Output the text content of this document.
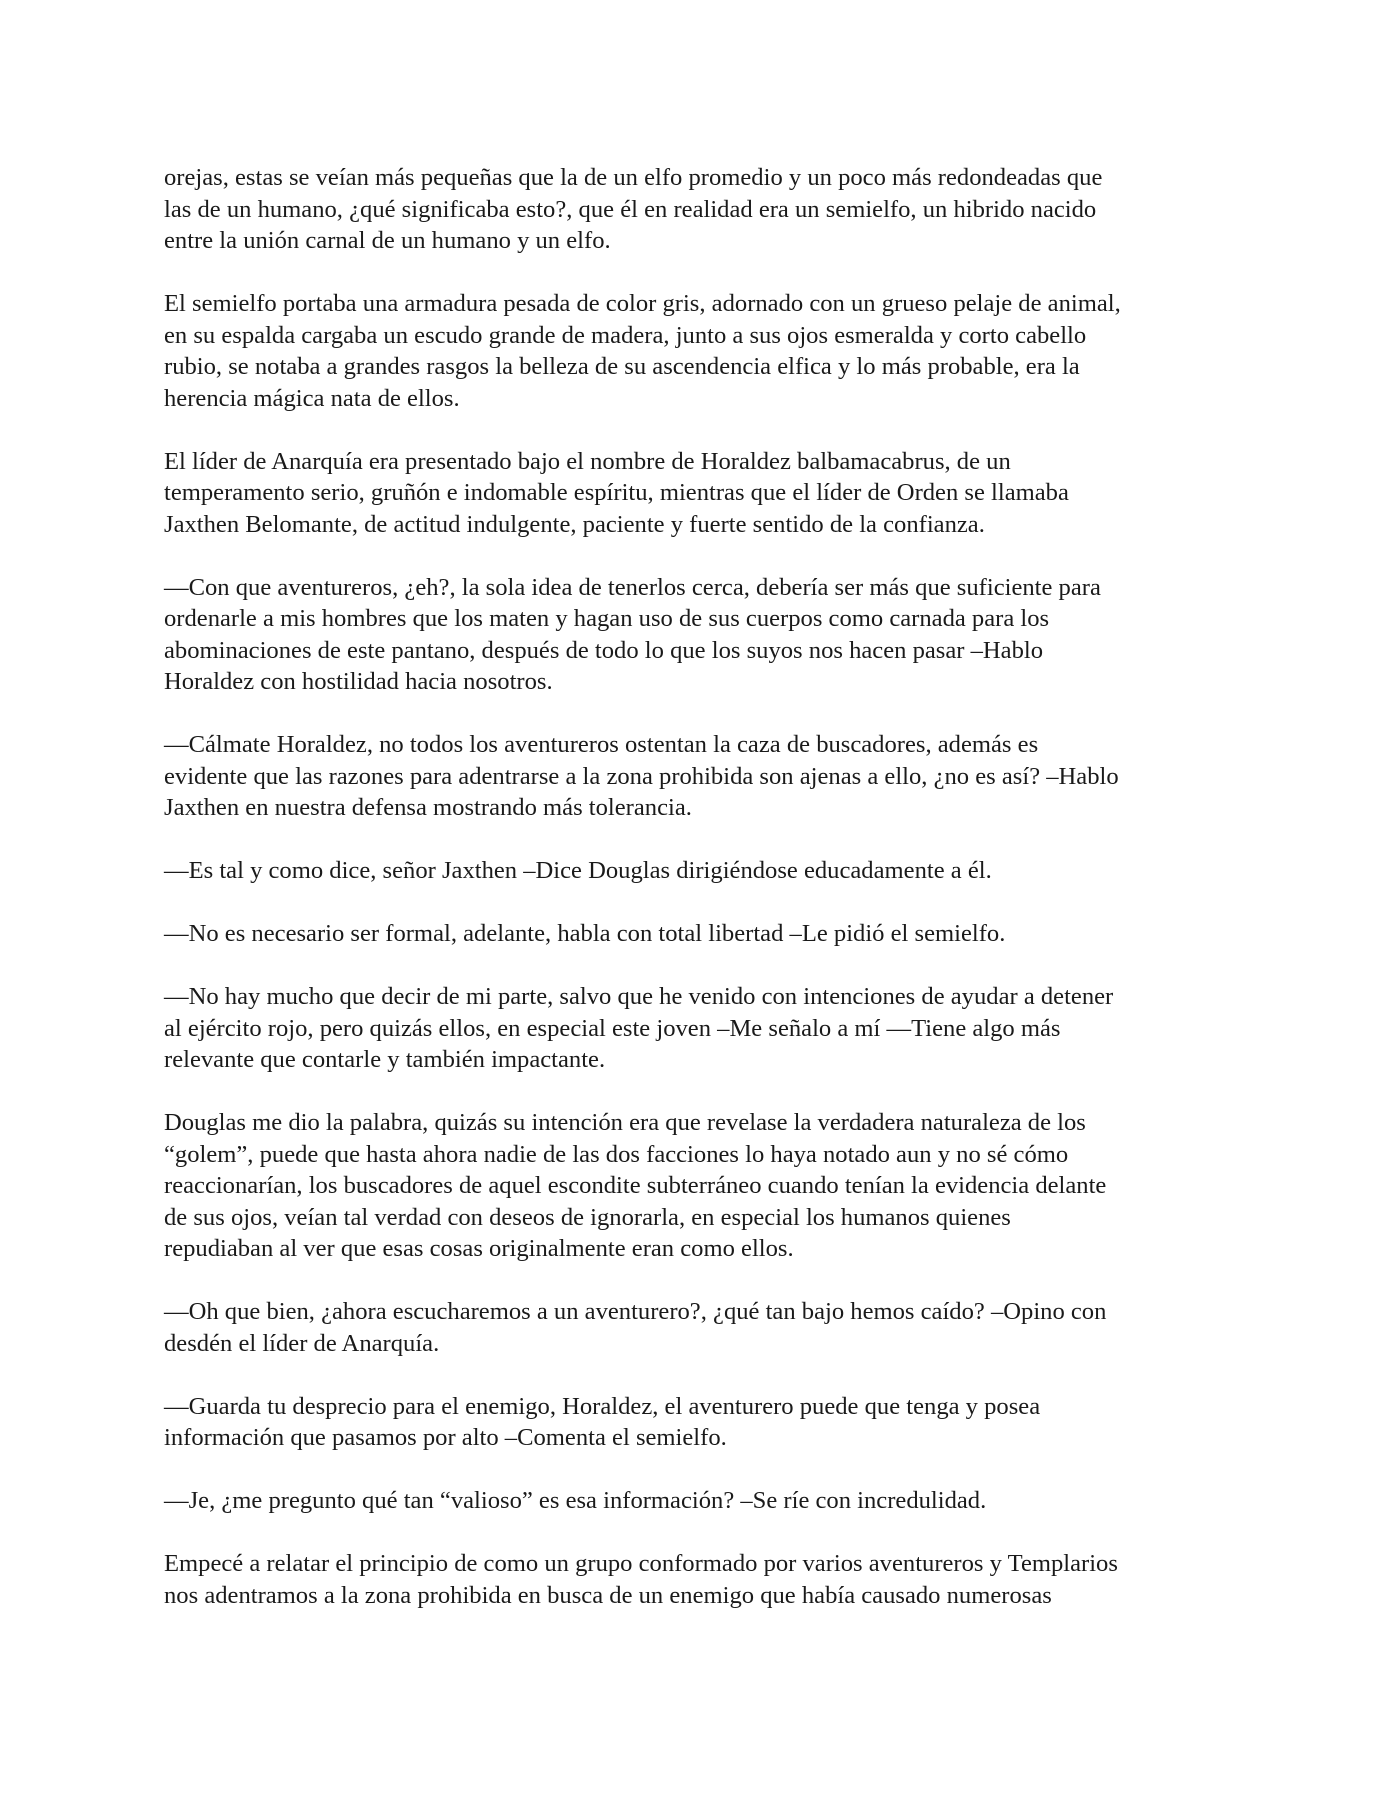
orejas, estas se veían más pequeñas que la de un elfo promedio y un poco más redondeadas que
las de un humano, ¿qué significaba esto?, que él en realidad era un semielfo, un hibrido nacido
entre la unión carnal de un humano y un elfo.

El semielfo portaba una armadura pesada de color gris, adornado con un grueso pelaje de animal,
en su espalda cargaba un escudo grande de madera, junto a sus ojos esmeralda y corto cabello
rubio, se notaba a grandes rasgos la belleza de su ascendencia elfica y lo más probable, era la
herencia mágica nata de ellos.

El líder de Anarquía era presentado bajo el nombre de Horaldez balbamacabrus, de un
temperamento serio, gruñón e indomable espíritu, mientras que el líder de Orden se llamaba
Jaxthen Belomante, de actitud indulgente, paciente y fuerte sentido de la confianza.

—Con que aventureros, ¿eh?, la sola idea de tenerlos cerca, debería ser más que suficiente para
ordenarle a mis hombres que los maten y hagan uso de sus cuerpos como carnada para los
abominaciones de este pantano, después de todo lo que los suyos nos hacen pasar –Hablo
Horaldez con hostilidad hacia nosotros.

—Cálmate Horaldez, no todos los aventureros ostentan la caza de buscadores, además es
evidente que las razones para adentrarse a la zona prohibida son ajenas a ello, ¿no es así? –Hablo
Jaxthen en nuestra defensa mostrando más tolerancia.

—Es tal y como dice, señor Jaxthen –Dice Douglas dirigiéndose educadamente a él.

—No es necesario ser formal, adelante, habla con total libertad –Le pidió el semielfo.

—No hay mucho que decir de mi parte, salvo que he venido con intenciones de ayudar a detener
al ejército rojo, pero quizás ellos, en especial este joven –Me señalo a mí —Tiene algo más
relevante que contarle y también impactante.

Douglas me dio la palabra, quizás su intención era que revelase la verdadera naturaleza de los
“golem”, puede que hasta ahora nadie de las dos facciones lo haya notado aun y no sé cómo
reaccionarían, los buscadores de aquel escondite subterráneo cuando tenían la evidencia delante
de sus ojos, veían tal verdad con deseos de ignorarla, en especial los humanos quienes
repudiaban al ver que esas cosas originalmente eran como ellos.

—Oh que bien, ¿ahora escucharemos a un aventurero?, ¿qué tan bajo hemos caído? –Opino con
desdén el líder de Anarquía.

—Guarda tu desprecio para el enemigo, Horaldez, el aventurero puede que tenga y posea
información que pasamos por alto –Comenta el semielfo.

—Je, ¿me pregunto qué tan “valioso” es esa información? –Se ríe con incredulidad.

Empecé a relatar el principio de como un grupo conformado por varios aventureros y Templarios
nos adentramos a la zona prohibida en busca de un enemigo que había causado numerosas
